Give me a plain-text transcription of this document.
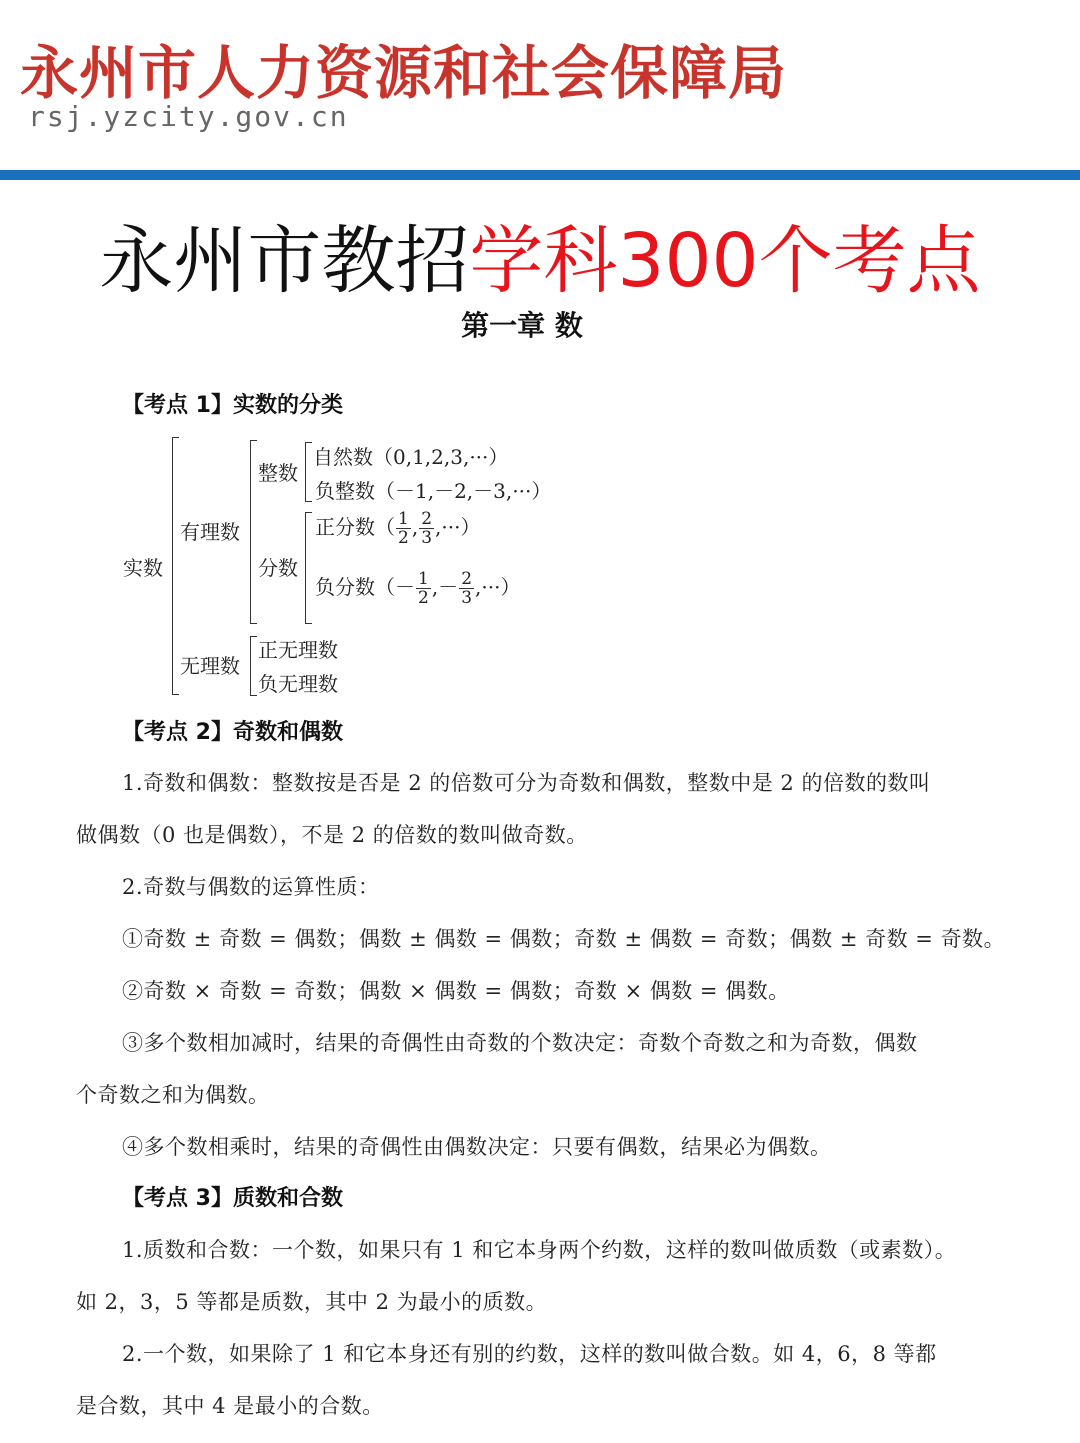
永州市人力资源和社会保障局
rsj.yzcity.gov.cn
永州市教招学科300个考点
第一章 数
【考点 1】实数的分类
实数
有理数
整数
自然数（0,1,2,3,···）
负整数（－1,－2,－3,···）
分数
正分数（ $\frac{1}{2}$ , $\frac{2}{3}$ ,···）
负分数（－ $\frac{1}{2}$ ,－ $\frac{2}{3}$ ,···）
无理数
正无理数
负无理数
【考点 2】奇数和偶数
1.奇数和偶数：整数按是否是 2 的倍数可分为奇数和偶数，整数中是 2 的倍数的数叫
做偶数（0 也是偶数），不是 2 的倍数的数叫做奇数。
2.奇数与偶数的运算性质：
①奇数 ± 奇数 = 偶数；偶数 ± 偶数 = 偶数；奇数 ± 偶数 = 奇数；偶数 ± 奇数 = 奇数。
②奇数 × 奇数 = 奇数；偶数 × 偶数 = 偶数；奇数 × 偶数 = 偶数。
③多个数相加减时，结果的奇偶性由奇数的个数决定：奇数个奇数之和为奇数，偶数
个奇数之和为偶数。
④多个数相乘时，结果的奇偶性由偶数决定：只要有偶数，结果必为偶数。
【考点 3】质数和合数
1.质数和合数：一个数，如果只有 1 和它本身两个约数，这样的数叫做质数（或素数）。
如 2，3，5 等都是质数，其中 2 为最小的质数。
2.一个数，如果除了 1 和它本身还有别的约数，这样的数叫做合数。如 4，6，8 等都
是合数，其中 4 是最小的合数。
